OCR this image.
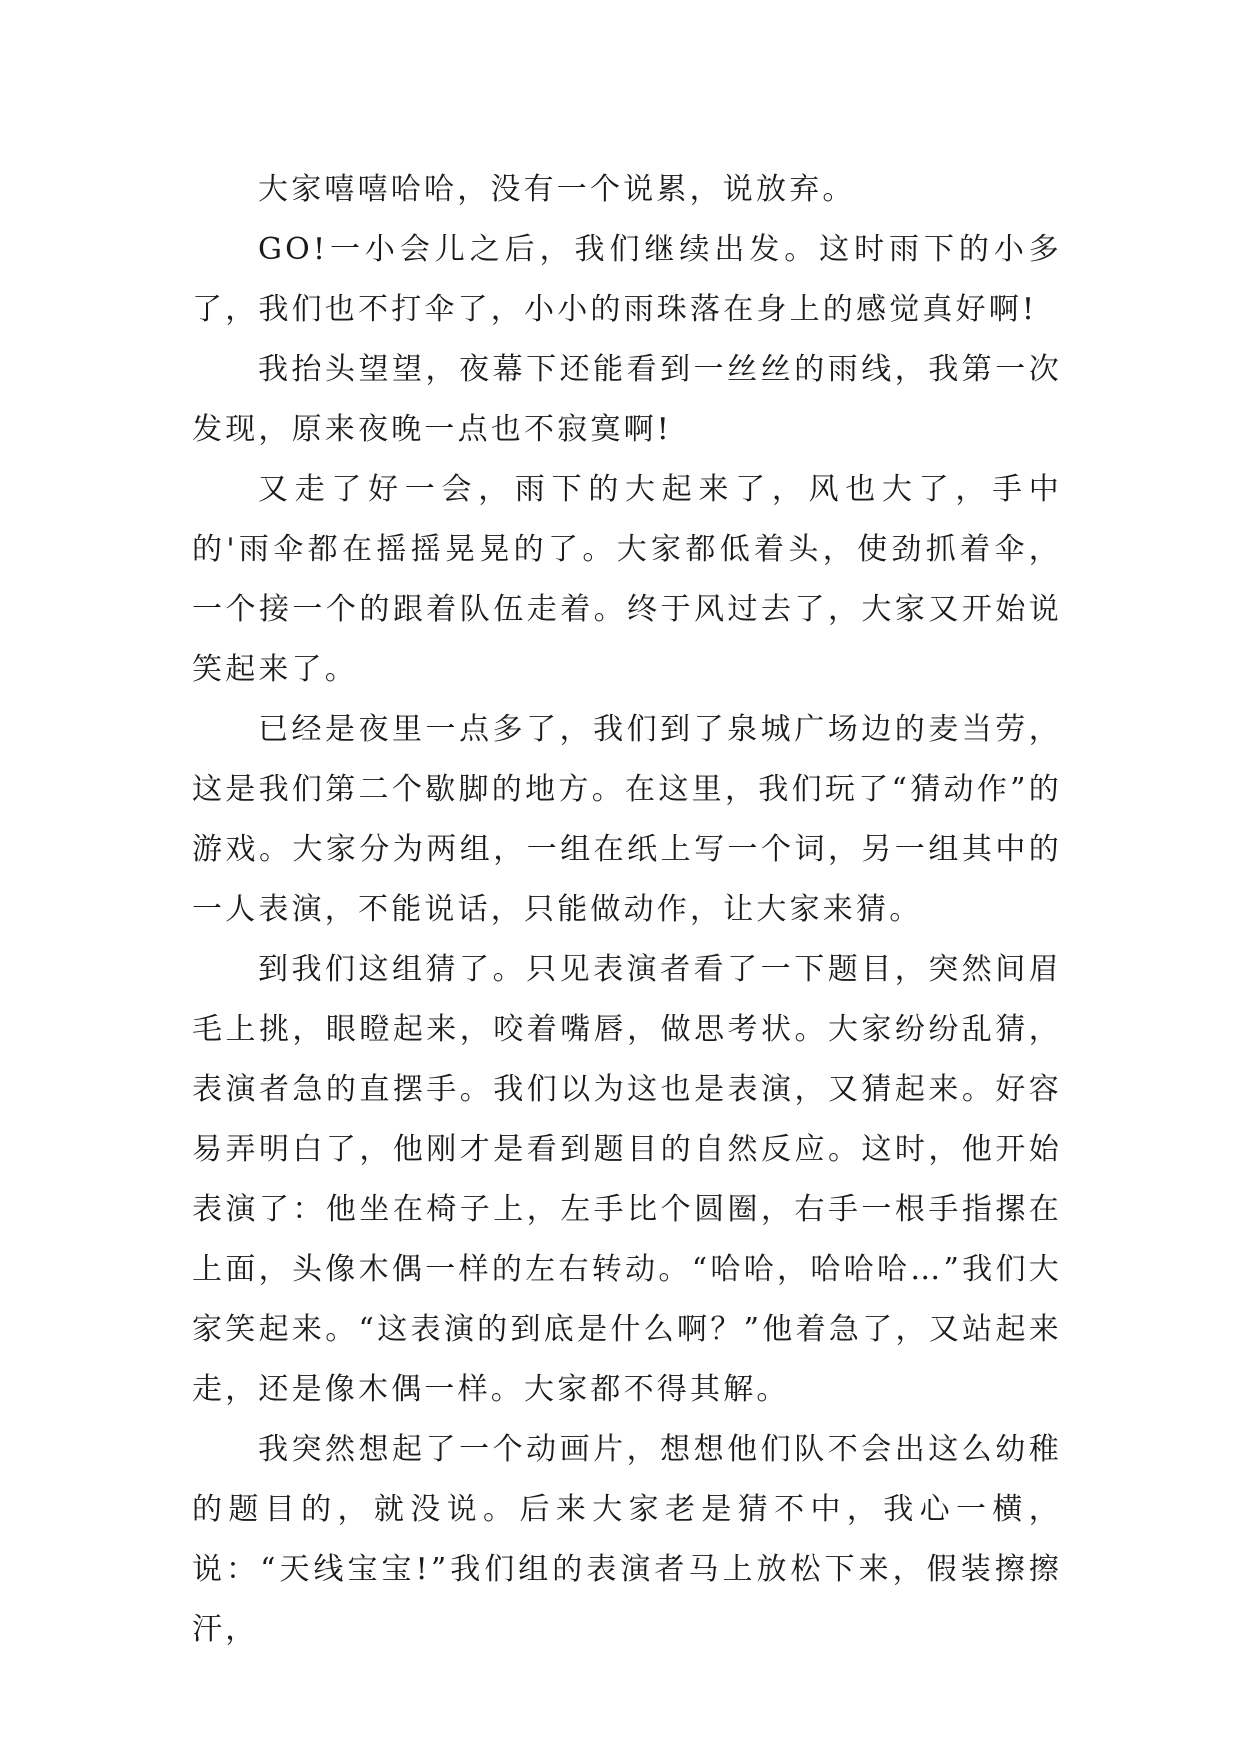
大家嘻嘻哈哈，没有一个说累，说放弃。

GO!一小会儿之后，我们继续出发。这时雨下的小多了，我们也不打伞了，小小的雨珠落在身上的感觉真好啊!

我抬头望望，夜幕下还能看到一丝丝的雨线，我第一次发现，原来夜晚一点也不寂寞啊!

又走了好一会，雨下的大起来了，风也大了，手中的'雨伞都在摇摇晃晃的了。大家都低着头，使劲抓着伞，一个接一个的跟着队伍走着。终于风过去了，大家又开始说笑起来了。

已经是夜里一点多了，我们到了泉城广场边的麦当劳，这是我们第二个歇脚的地方。在这里，我们玩了“猜动作”的游戏。大家分为两组，一组在纸上写一个词，另一组其中的一人表演，不能说话，只能做动作，让大家来猜。

到我们这组猜了。只见表演者看了一下题目，突然间眉毛上挑，眼瞪起来，咬着嘴唇，做思考状。大家纷纷乱猜，表演者急的直摆手。我们以为这也是表演，又猜起来。好容易弄明白了，他刚才是看到题目的自然反应。这时，他开始表演了：他坐在椅子上，左手比个圆圈，右手一根手指摞在上面，头像木偶一样的左右转动。“哈哈，哈哈哈…”我们大家笑起来。“这表演的到底是什么啊？”他着急了，又站起来走，还是像木偶一样。大家都不得其解。

我突然想起了一个动画片，想想他们队不会出这么幼稚的题目的，就没说。后来大家老是猜不中，我心一横，说：“天线宝宝!”我们组的表演者马上放松下来，假装擦擦汗，
